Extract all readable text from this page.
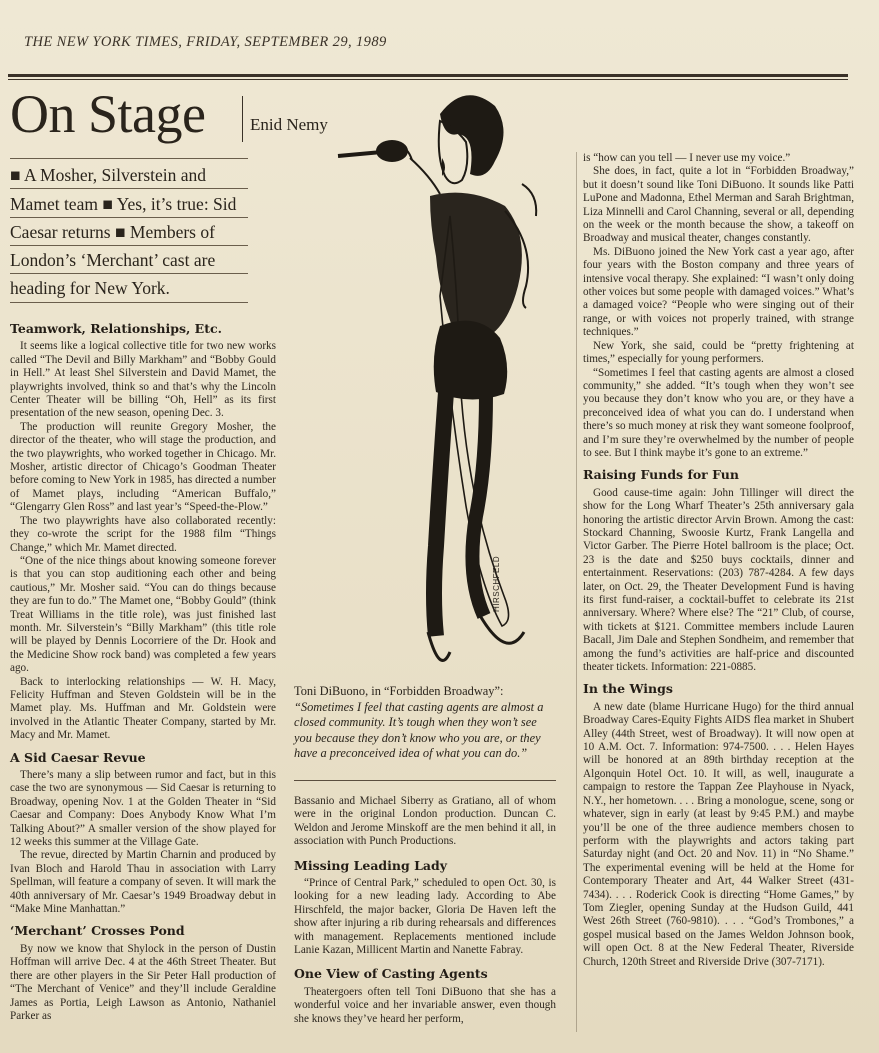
THE NEW YORK TIMES, FRIDAY, SEPTEMBER 29, 1989
On Stage	Enid Nemy
■ A Mosher, Silverstein and
Mamet team ■ Yes, it’s true: Sid
Caesar returns ■ Members of
London’s ‘Merchant’ cast are
heading for New York.
HIRSCHFELD
Toni DiBuono, in “Forbidden Broadway”:
“Sometimes I feel that casting agents are almost a closed community. It’s tough when they won’t see you because they don’t know who you are, or they have a preconceived idea of what you can do.”
Teamwork, Relationships, Etc.

It seems like a logical collective title for two new works called “The Devil and Billy Markham” and “Bobby Gould in Hell.” At least Shel Silverstein and David Mamet, the playwrights involved, think so and that’s why the Lincoln Center Theater will be billing “Oh, Hell” as its first presentation of the new season, opening Dec. 3.

The production will reunite Gregory Mosher, the director of the theater, who will stage the production, and the two playwrights, who worked together in Chicago. Mr. Mosher, artistic director of Chicago’s Goodman Theater before coming to New York in 1985, has directed a number of Mamet plays, including “American Buffalo,” “Glengarry Glen Ross” and last year’s “Speed-the-Plow.”

The two playwrights have also collaborated recently: they co-wrote the script for the 1988 film “Things Change,” which Mr. Mamet directed.

“One of the nice things about knowing someone forever is that you can stop auditioning each other and being cautious,” Mr. Mosher said. “You can do things because they are fun to do.” The Mamet one, “Bobby Gould” (think Treat Williams in the title role), was just finished last month. Mr. Silverstein’s “Billy Markham” (this title role will be played by Dennis Locorriere of the Dr. Hook and the Medicine Show rock band) was completed a few years ago.

Back to interlocking relationships — W. H. Macy, Felicity Huffman and Steven Goldstein will be in the Mamet play. Ms. Huffman and Mr. Goldstein were involved in the Atlantic Theater Company, started by Mr. Macy and Mr. Mamet.

A Sid Caesar Revue

There’s many a slip between rumor and fact, but in this case the two are synonymous — Sid Caesar is returning to Broadway, opening Nov. 1 at the Golden Theater in “Sid Caesar and Company: Does Anybody Know What I’m Talking About?” A smaller version of the show played for 12 weeks this summer at the Village Gate.

The revue, directed by Martin Charnin and produced by Ivan Bloch and Harold Thau in association with Larry Spellman, will feature a company of seven. It will mark the 40th anniversary of Mr. Caesar’s 1949 Broadway debut in “Make Mine Manhattan.”

‘Merchant’ Crosses Pond

By now we know that Shylock in the person of Dustin Hoffman will arrive Dec. 4 at the 46th Street Theater. But there are other players in the Sir Peter Hall production of “The Merchant of Venice” and they’ll include Geraldine James as Portia, Leigh Lawson as Antonio, Nathaniel Parker as

Bassanio and Michael Siberry as Gratiano, all of whom were in the original London production. Duncan C. Weldon and Jerome Minskoff are the men behind it all, in association with Punch Productions.

Missing Leading Lady

“Prince of Central Park,” scheduled to open Oct. 30, is looking for a new leading lady. According to Abe Hirschfeld, the major backer, Gloria De Haven left the show after injuring a rib during rehearsals and differences with management. Replacements mentioned include Lanie Kazan, Millicent Martin and Nanette Fabray.

One View of Casting Agents

Theatergoers often tell Toni DiBuono that she has a wonderful voice and her invariable answer, even though she knows they’ve heard her perform,

is “how can you tell — I never use my voice.”

She does, in fact, quite a lot in “Forbidden Broadway,” but it doesn’t sound like Toni DiBuono. It sounds like Patti LuPone and Madonna, Ethel Merman and Sarah Brightman, Liza Minnelli and Carol Channing, several or all, depending on the week or the month because the show, a takeoff on Broadway and musical theater, changes constantly.

Ms. DiBuono joined the New York cast a year ago, after four years with the Boston company and three years of intensive vocal therapy. She explained: “I wasn’t only doing other voices but some people with damaged voices.” What’s a damaged voice? “People who were singing out of their range, or with voices not properly trained, with strange techniques.”

New York, she said, could be “pretty frightening at times,” especially for young performers.

“Sometimes I feel that casting agents are almost a closed community,” she added. “It’s tough when they won’t see you because they don’t know who you are, or they have a preconceived idea of what you can do. I understand when there’s so much money at risk they want someone foolproof, and I’m sure they’re overwhelmed by the number of people to see. But I think maybe it’s gone to an extreme.”

Raising Funds for Fun

Good cause-time again: John Tillinger will direct the show for the Long Wharf Theater’s 25th anniversary gala honoring the artistic director Arvin Brown. Among the cast: Stockard Channing, Swoosie Kurtz, Frank Langella and Victor Garber. The Pierre Hotel ballroom is the place; Oct. 23 is the date and $250 buys cocktails, dinner and entertainment. Reservations: (203) 787-4284. A few days later, on Oct. 29, the Theater Development Fund is having its first fund-raiser, a cocktail-buffet to celebrate its 21st anniversary. Where? Where else? The “21” Club, of course, with tickets at $121. Committee members include Lauren Bacall, Jim Dale and Stephen Sondheim, and remember that among the fund’s activities are half-price and discounted theater tickets. Information: 221-0885.

In the Wings

A new date (blame Hurricane Hugo) for the third annual Broadway Cares-Equity Fights AIDS flea market in Shubert Alley (44th Street, west of Broadway). It will now open at 10 A.M. Oct. 7. Information: 974-7500. . . . Helen Hayes will be honored at an 89th birthday reception at the Algonquin Hotel Oct. 10. It will, as well, inaugurate a campaign to restore the Tappan Zee Playhouse in Nyack, N.Y., her hometown. . . . Bring a monologue, scene, song or whatever, sign in early (at least by 9:45 P.M.) and maybe you’ll be one of the three audience members chosen to perform with the playwrights and actors taking part Saturday night (and Oct. 20 and Nov. 11) in “No Shame.” The experimental evening will be held at the Home for Contemporary Theater and Art, 44 Walker Street (431-7434). . . . Roderick Cook is directing “Home Games,” by Tom Ziegler, opening Sunday at the Hudson Guild, 441 West 26th Street (760-9810). . . . “God’s Trombones,” a gospel musical based on the James Weldon Johnson book, will open Oct. 8 at the New Federal Theater, Riverside Church, 120th Street and Riverside Drive (307-7171).
